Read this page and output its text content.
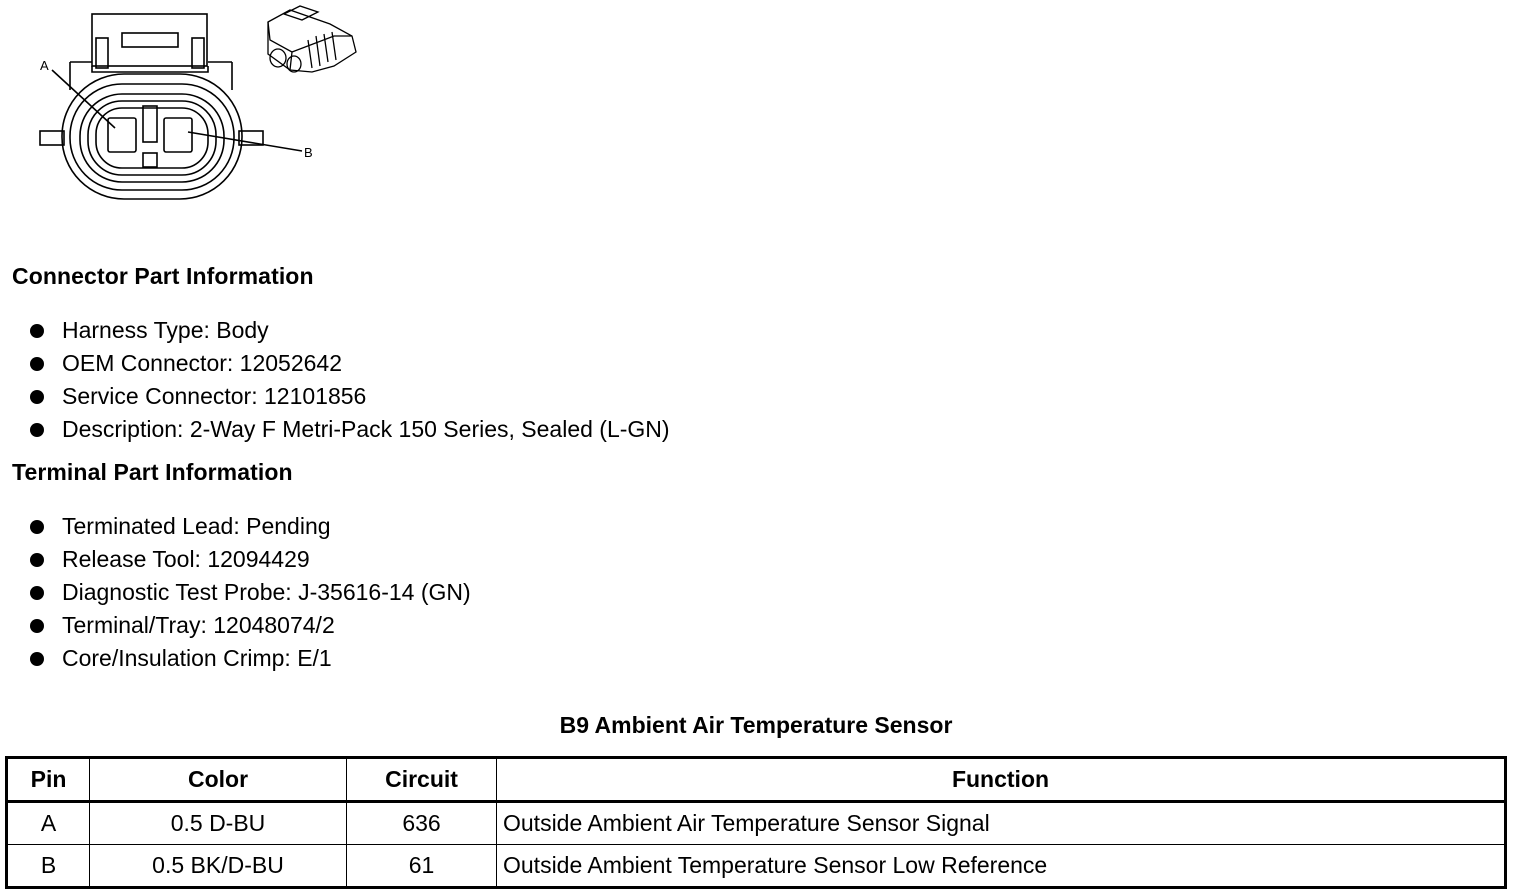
A
B
Connector Part Information
Harness Type: Body
OEM Connector: 12052642
Service Connector: 12101856
Description: 2-Way F Metri-Pack 150 Series, Sealed (L-GN)
Terminal Part Information
Terminated Lead: Pending
Release Tool: 12094429
Diagnostic Test Probe: J-35616-14 (GN)
Terminal/Tray: 12048074/2
Core/Insulation Crimp: E/1
B9 Ambient Air Temperature Sensor
Pin	Color	Circuit	Function
A	0.5 D-BU	636	Outside Ambient Air Temperature Sensor Signal
B	0.5 BK/D-BU	61	Outside Ambient Temperature Sensor Low Reference
